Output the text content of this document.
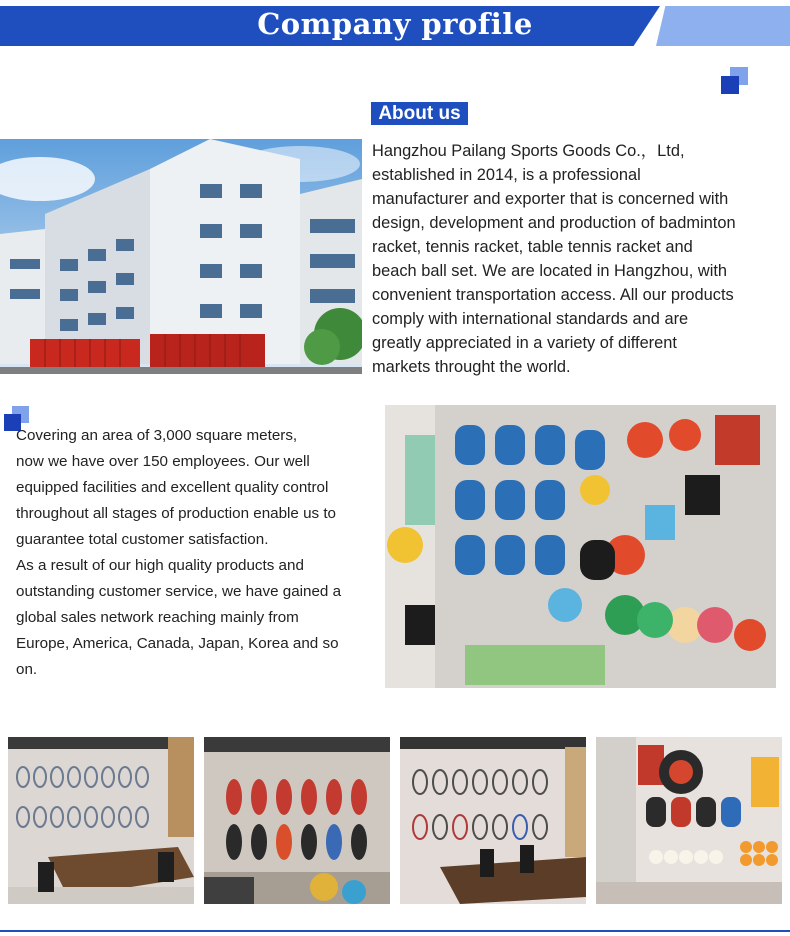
Company profile
About us
Hangzhou Pailang Sports Goods Co.，Ltd,
established in 2014, is a professional
manufacturer and exporter that is concerned with
design, development and production of badminton
racket, tennis racket, table tennis racket and
beach ball set. We are located in Hangzhou, with
convenient transportation access. All our products
comply with international standards and are
greatly appreciated in a variety of different
markets throught the world.
Covering an area of 3,000 square meters,
now we have over 150 employees. Our well
equipped facilities and excellent quality control
throughout all stages of production enable us to
guarantee total customer satisfaction.
As a result of our high quality products and
outstanding customer service, we have gained a
global sales network reaching mainly from
Europe, America, Canada, Japan, Korea and so
on.
